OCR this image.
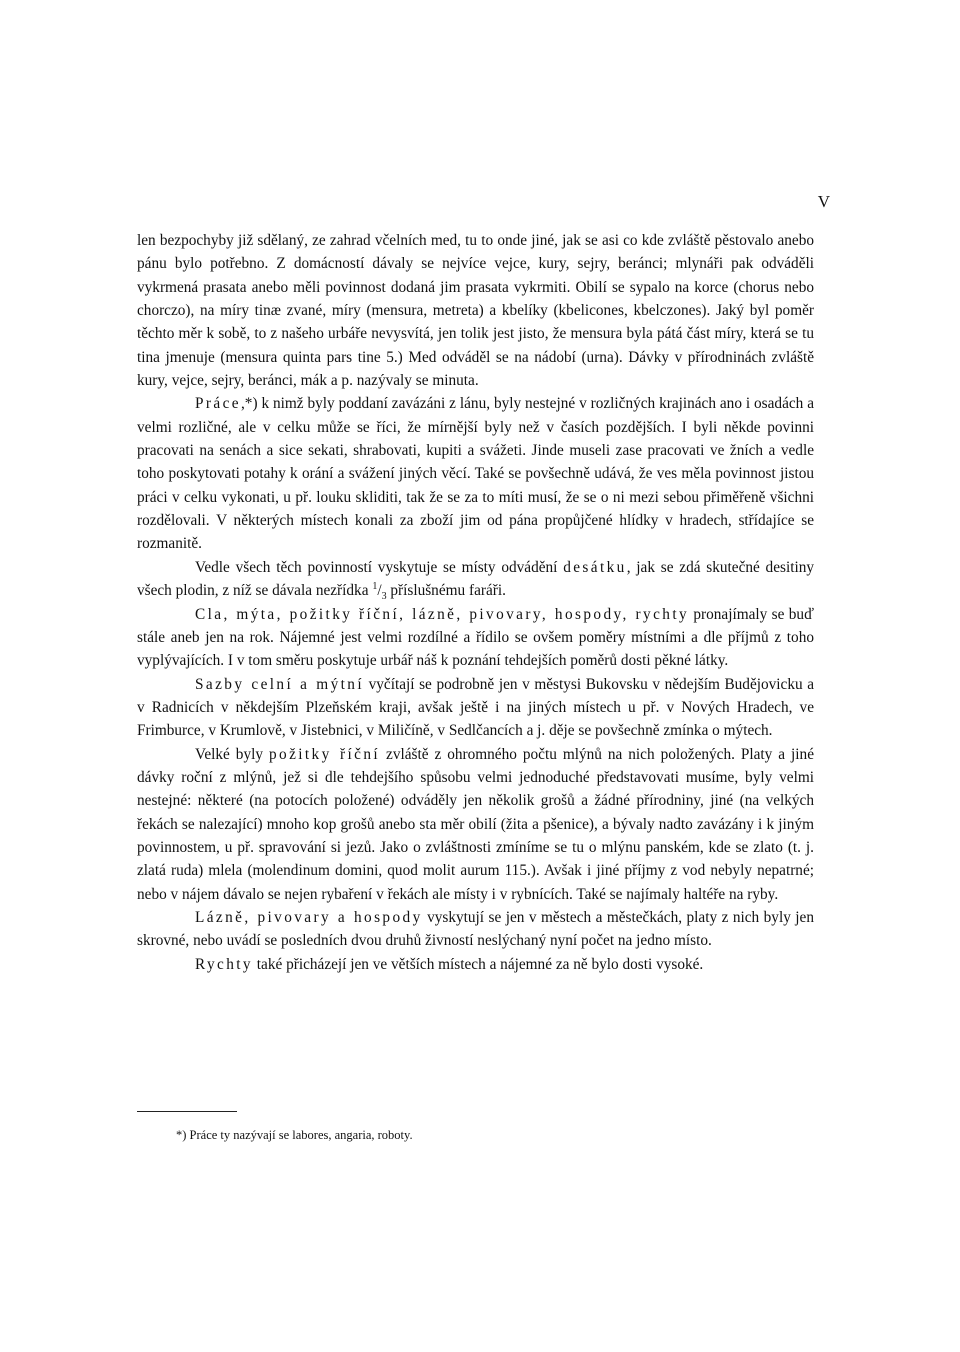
V

len bezpochyby již sdělaný, ze zahrad včelních med, tu to onde jiné, jak se asi co kde zvláště pěstovalo anebo pánu bylo potřebno. Z domácností dávaly se nejvíce vejce, kury, sejry, beránci; mlynáři pak odváděli vykrmená prasata anebo měli povinnost dodaná jim prasata vykrmiti. Obilí se sypalo na korce (chorus nebo chorczo), na míry tinæ zvané, míry (mensura, metreta) a kbelíky (kbelicones, kbelczones). Jaký byl poměr těchto měr k sobě, to z našeho urbáře nevysvítá, jen tolik jest jisto, že mensura byla pátá část míry, která se tu tina jmenuje (mensura quinta pars tine 5.) Med odváděl se na nádobí (urna). Dávky v přírodninách zvláště kury, vejce, sejry, beránci, mák a p. nazývaly se minuta.

Práce,*) k nimž byly poddaní zavázáni z lánu, byly nestejné v rozličných krajinách ano i osadách a velmi rozličné, ale v celku může se říci, že mírnější byly než v časích pozdějších. I byli někde povinni pracovati na senách a sice sekati, shrabovati, kupiti a svážeti. Jinde museli zase pracovati ve žních a vedle toho poskytovati potahy k orání a svážení jiných věcí. Také se povšechně udává, že ves měla povinnost jistou práci v celku vykonati, u př. louku skliditi, tak že se za to míti musí, že se o ni mezi sebou přiměřeně všichni rozdělovali. V některých místech konali za zboží jim od pána propůjčené hlídky v hradech, střídajíce se rozmanitě.

Vedle všech těch povinností vyskytuje se místy odvádění desátku, jak se zdá skutečné desitiny všech plodin, z níž se dávala nezřídka $^1/_3$ příslušnému faráři.

Cla, mýta, požitky říční, lázně, pivovary, hospody, rychty pronajímaly se buď stále aneb jen na rok. Nájemné jest velmi rozdílné a řídilo se ovšem poměry místními a dle příjmů z toho vyplývajících. I v tom směru poskytuje urbář náš k poznání tehdejších poměrů dosti pěkné látky.

Sazby celní a mýtní vyčítají se podrobně jen v městysi Bukovsku v nědejším Budějovicku a v Radnicích v někdejším Plzeňském kraji, avšak ještě i na jiných místech u př. v Nových Hradech, ve Frimburce, v Krumlově, v Jistebnici, v Miličíně, v Sedlčancích a j. děje se povšechně zmínka o mýtech.

Velké byly požitky říční zvláště z ohromného počtu mlýnů na nich položených. Platy a jiné dávky roční z mlýnů, jež si dle tehdejšího spůsobu velmi jednoduché představovati musíme, byly velmi nestejné: některé (na potocích položené) odváděly jen několik grošů a žádné přírodniny, jiné (na velkých řekách se nalezající) mnoho kop grošů anebo sta měr obilí (žita a pšenice), a bývaly nadto zavázány i k jiným povinnostem, u př. spravování si jezů. Jako o zvláštnosti zmíníme se tu o mlýnu panském, kde se zlato (t. j. zlatá ruda) mlela (molendinum domini, quod molit aurum 115.). Avšak i jiné příjmy z vod nebyly nepatrné; nebo v nájem dávalo se nejen rybaření v řekách ale místy i v rybnících. Také se najímaly haltéře na ryby.

Lázně, pivovary a hospody vyskytují se jen v městech a městečkách, platy z nich byly jen skrovné, nebo uvádí se posledních dvou druhů živností neslýchaný nyní počet na jedno místo.

Rychty také přicházejí jen ve větších místech a nájemné za ně bylo dosti vysoké.

*) Práce ty nazývají se labores, angaria, roboty.
